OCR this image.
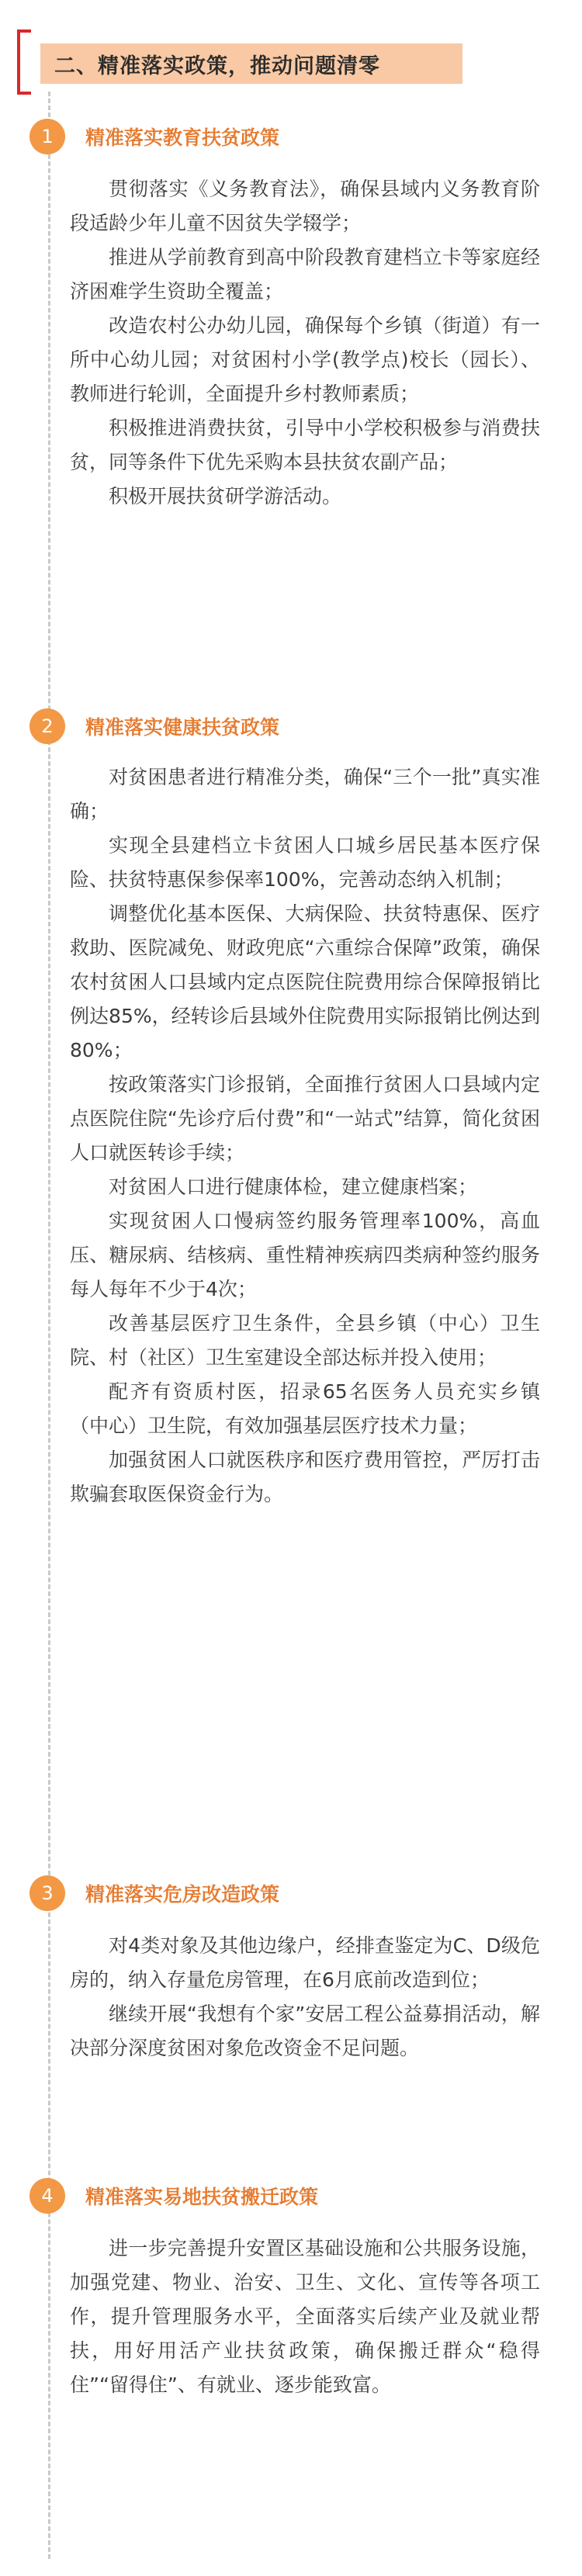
二、精准落实政策，推动问题清零
1	精准落实教育扶贫政策

贯彻落实《义务教育法》，确保县域内义务教育阶段适龄少年儿童不因贫失学辍学；

推进从学前教育到高中阶段教育建档立卡等家庭经济困难学生资助全覆盖；

改造农村公办幼儿园，确保每个乡镇（街道）有一所中心幼儿园；对贫困村小学(教学点)校长（园长）、教师进行轮训，全面提升乡村教师素质；

积极推进消费扶贫，引导中小学校积极参与消费扶贫，同等条件下优先采购本县扶贫农副产品；

积极开展扶贫研学游活动。

2	精准落实健康扶贫政策

对贫困患者进行精准分类，确保“三个一批”真实准确；

实现全县建档立卡贫困人口城乡居民基本医疗保险、扶贫特惠保参保率100%，完善动态纳入机制；

调整优化基本医保、大病保险、扶贫特惠保、医疗救助、医院减免、财政兜底“六重综合保障”政策，确保农村贫困人口县域内定点医院住院费用综合保障报销比例达85%，经转诊后县域外住院费用实际报销比例达到80%；

按政策落实门诊报销，全面推行贫困人口县域内定点医院住院“先诊疗后付费”和“一站式”结算，简化贫困人口就医转诊手续；

对贫困人口进行健康体检，建立健康档案；

实现贫困人口慢病签约服务管理率100%，高血压、糖尿病、结核病、重性精神疾病四类病种签约服务每人每年不少于4次；

改善基层医疗卫生条件，全县乡镇（中心）卫生院、村（社区）卫生室建设全部达标并投入使用；

配齐有资质村医，招录65名医务人员充实乡镇（中心）卫生院，有效加强基层医疗技术力量；

加强贫困人口就医秩序和医疗费用管控，严厉打击欺骗套取医保资金行为。

3	精准落实危房改造政策

对4类对象及其他边缘户，经排查鉴定为C、D级危房的，纳入存量危房管理，在6月底前改造到位；

继续开展“我想有个家”安居工程公益募捐活动，解决部分深度贫困对象危改资金不足问题。

4	精准落实易地扶贫搬迁政策

进一步完善提升安置区基础设施和公共服务设施，加强党建、物业、治安、卫生、文化、宣传等各项工作，提升管理服务水平，全面落实后续产业及就业帮扶，用好用活产业扶贫政策，确保搬迁群众“稳得住”“留得住”、有就业、逐步能致富。
